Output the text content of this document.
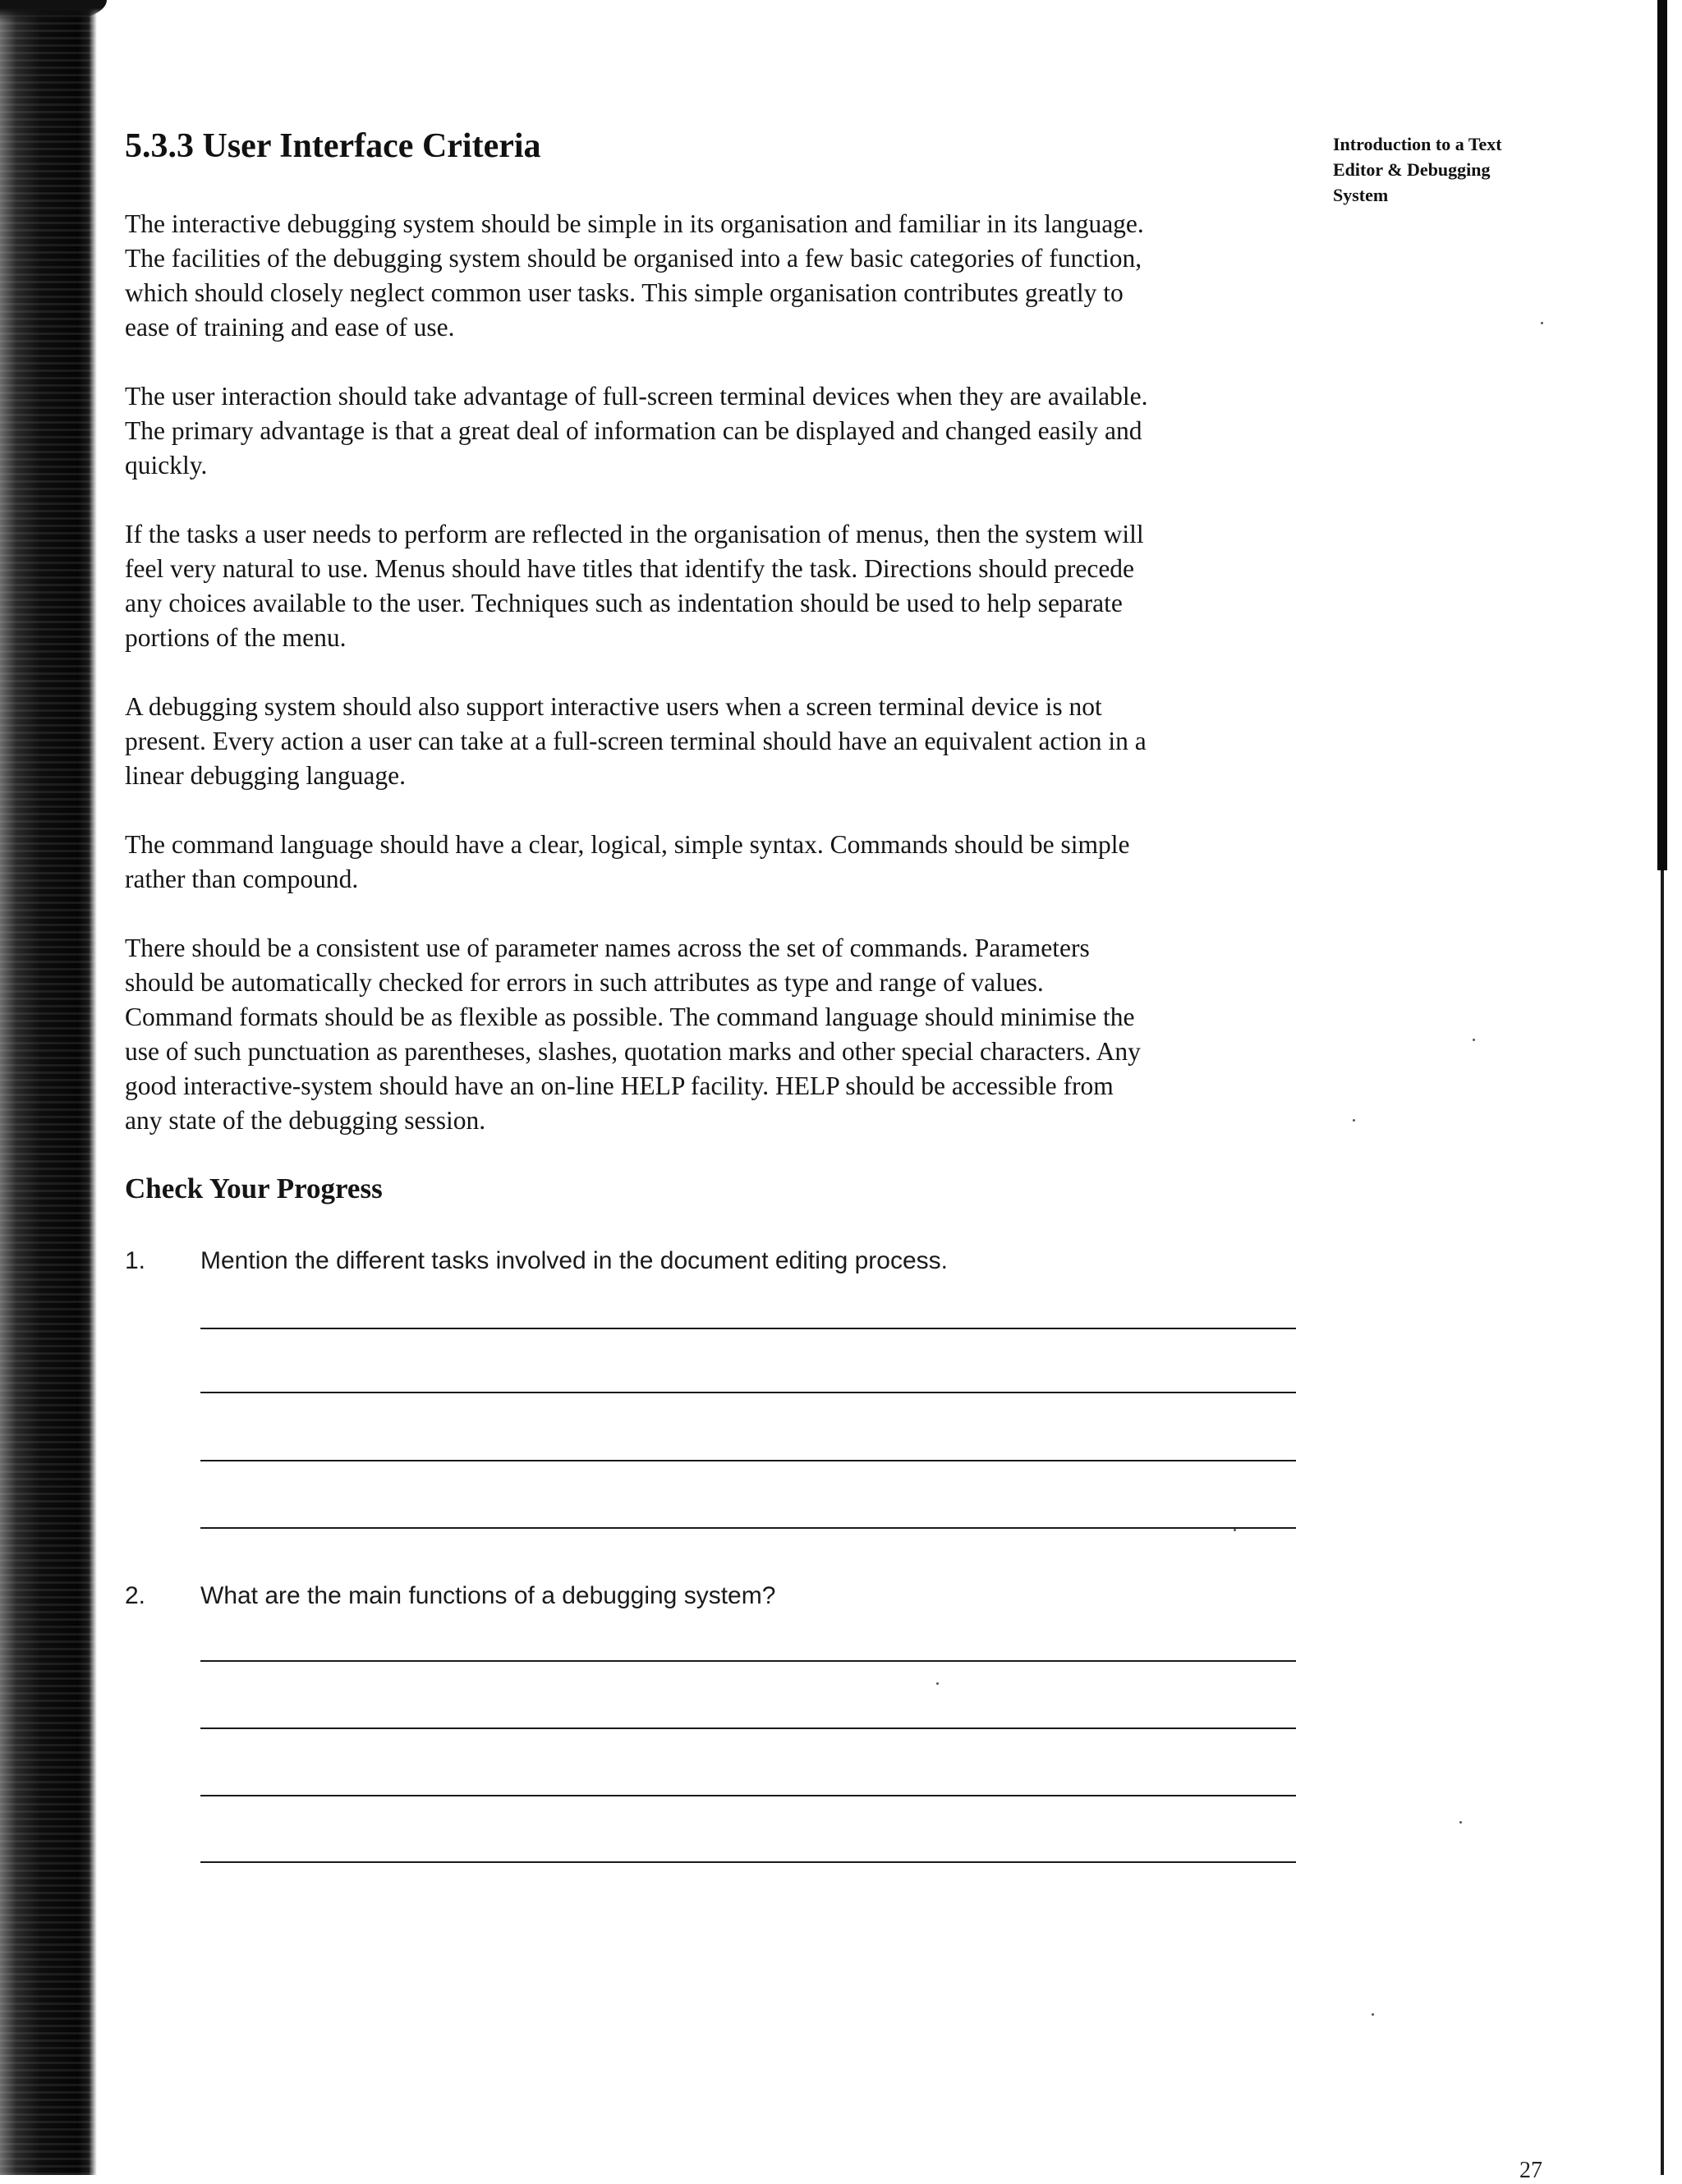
Introduction to a Text
Editor & Debugging
System
5.3.3 User Interface Criteria

The interactive debugging system should be simple in its organisation and familiar in its language.
The facilities of the debugging system should be organised into a few basic categories of function,
which should closely neglect common user tasks. This simple organisation contributes greatly to
ease of training and ease of use.

The user interaction should take advantage of full-screen terminal devices when they are available.
The primary advantage is that a great deal of information can be displayed and changed easily and
quickly.

If the tasks a user needs to perform are reflected in the organisation of menus, then the system will
feel very natural to use. Menus should have titles that identify the task. Directions should precede
any choices available to the user. Techniques such as indentation should be used to help separate
portions of the menu.

A debugging system should also support interactive users when a screen terminal device is not
present. Every action a user can take at a full-screen terminal should have an equivalent action in a
linear debugging language.

The command language should have a clear, logical, simple syntax. Commands should be simple
rather than compound.

There should be a consistent use of parameter names across the set of commands. Parameters
should be automatically checked for errors in such attributes as type and range of values.
Command formats should be as flexible as possible. The command language should minimise the
use of such punctuation as parentheses, slashes, quotation marks and other special characters. Any
good interactive-system should have an on-line HELP facility. HELP should be accessible from
any state of the debugging session.

Check Your Progress
1. Mention the different tasks involved in the document editing process.
2. What are the main functions of a debugging system?
27
